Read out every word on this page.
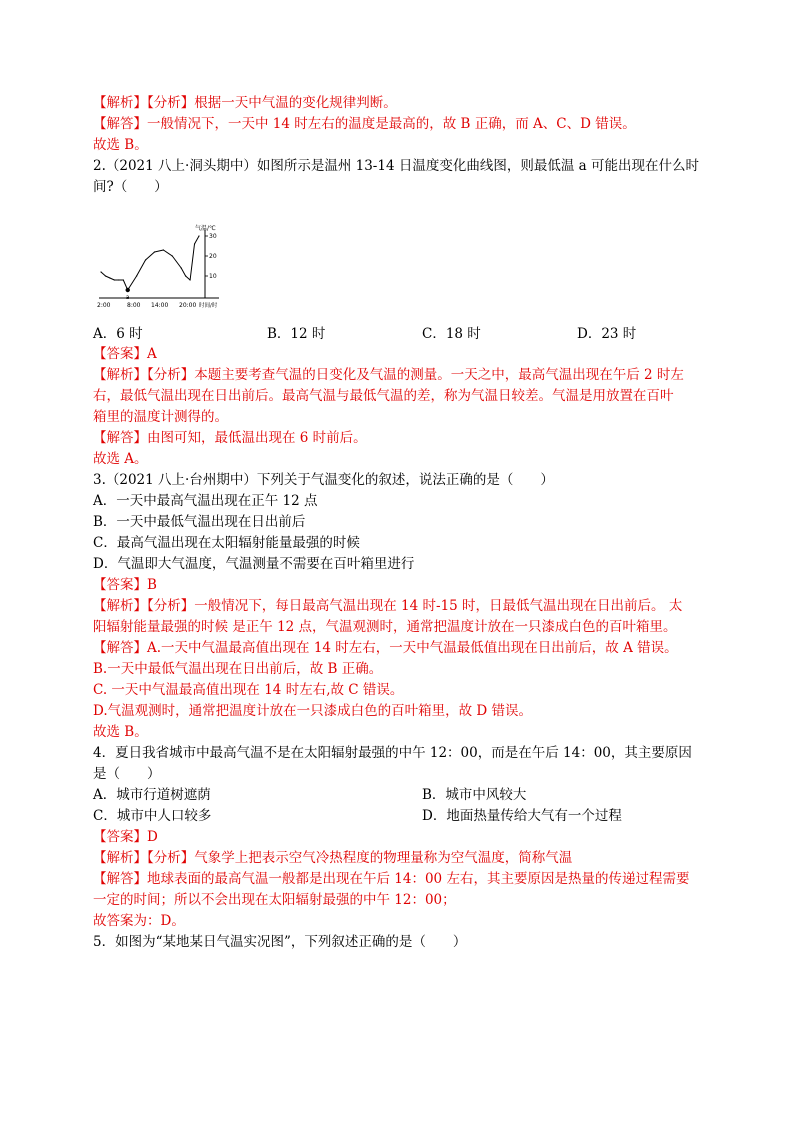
【解析】【分析】根据一天中气温的变化规律判断。
【解答】一般情况下，一天中 14 时左右的温度是最高的，故 B 正确，而 A、C、D 错误。
故选 B。
2.（2021 八上·洞头期中）如图所示是温州 13-14 日温度变化曲线图，则最低温 a 可能出现在什么时
间?（　　）
气温/℃
30
20
10
2:00	8:00 14:00 20:00 时间/时
a
A．6 时	B．12 时	C．18 时	D．23 时
【答案】A
【解析】【分析】本题主要考查气温的日变化及气温的测量。一天之中，最高气温出现在午后 2 时左
右，最低气温出现在日出前后。最高气温与最低气温的差，称为气温日较差。气温是用放置在百叶
箱里的温度计测得的。
【解答】由图可知，最低温出现在 6 时前后。
故选 A。
3.（2021 八上·台州期中）下列关于气温变化的叙述，说法正确的是（　　）
A．一天中最高气温出现在正午 12 点
B．一天中最低气温出现在日出前后
C．最高气温出现在太阳辐射能量最强的时候
D．气温即大气温度，气温测量不需要在百叶箱里进行
【答案】B
【解析】【分析】一般情况下，每日最高气温出现在 14 时-15 时，日最低气温出现在日出前后。 太
阳辐射能量最强的时候 是正午 12 点，气温观测时，通常把温度计放在一只漆成白色的百叶箱里。
【解答】A.一天中气温最高值出现在 14 时左右，一天中气温最低值出现在日出前后，故 A 错误。
B.一天中最低气温出现在日出前后，故 B 正确。
C. 一天中气温最高值出现在 14 时左右,故 C 错误。
D.气温观测时，通常把温度计放在一只漆成白色的百叶箱里，故 D 错误。
故选 B。
4．夏日我省城市中最高气温不是在太阳辐射最强的中午 12：00，而是在午后 14：00，其主要原因
是（　　）
A．城市行道树遮荫	B．城市中风较大
C．城市中人口较多	D．地面热量传给大气有一个过程
【答案】D
【解析】【分析】气象学上把表示空气冷热程度的物理量称为空气温度，简称气温
【解答】地球表面的最高气温一般都是出现在午后 14：00 左右，其主要原因是热量的传递过程需要
一定的时间；所以不会出现在太阳辐射最强的中午 12：00；
故答案为：D。
5．如图为“某地某日气温实况图”，下列叙述正确的是（　　）
